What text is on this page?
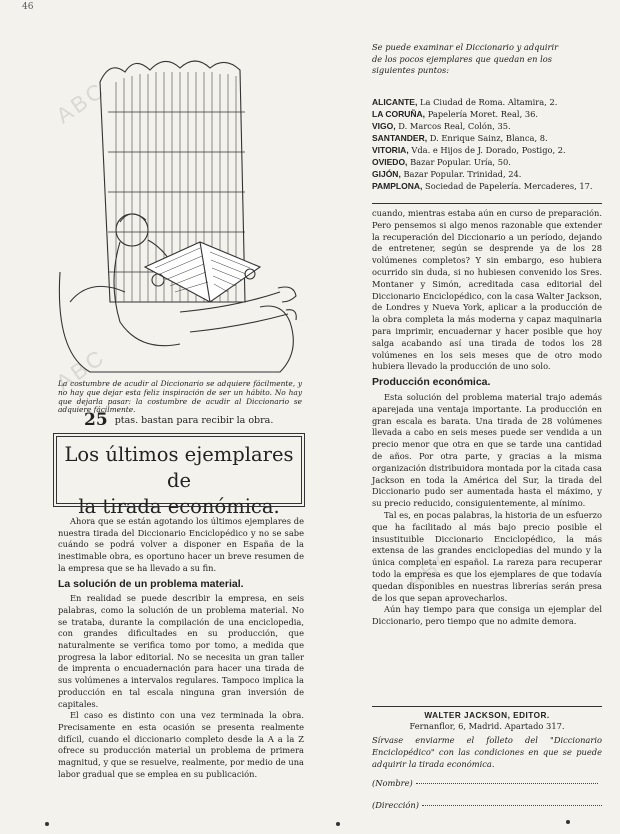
46
ABC
ABC
ABC
La costumbre de acudir al Diccionario se adquiere fácilmente, y no hay que dejar esta feliz inspiración de ser un hábito. No hay que dejarla pasar: la costumbre de acudir al Diccionario se adquiere fácilmente.
25 ptas. bastan para recibir la obra.
Los últimos ejemplares de
la tirada económica.

Ahora que se están agotando los últimos ejemplares de nuestra tirada del Diccionario Enciclopédico y no se sabe cuándo se podrá volver a disponer en España de la inestimable obra, es oportuno hacer un breve resumen de la empresa que se ha llevado a su fin.

La solución de un problema material.

En realidad se puede describir la empresa, en seis palabras, como la solución de un problema material. No se trataba, durante la compilación de una enciclopedia, con grandes dificultades en su producción, que naturalmente se verifica tomo por tomo, a medida que progresa la labor editorial. No se necesita un gran taller de imprenta o encuadernación para hacer una tirada de sus volúmenes a intervalos regulares. Tampoco implica la producción en tal escala ninguna gran inversión de capitales.

El caso es distinto con una vez terminada la obra. Precisamente en esta ocasión se presenta realmente difícil, cuando el diccionario completo desde la A a la Z ofrece su producción material un problema de primera magnitud, y que se resuelve, realmente, por medio de una labor gradual que se emplea en su publicación.

Se puede examinar el Diccionario y adquirir de los pocos ejemplares que quedan en los siguientes puntos:
ALICANTE, La Ciudad de Roma. Altamira, 2.
LA CORUÑA, Papelería Moret. Real, 36.
VIGO, D. Marcos Real, Colón, 35.
SANTANDER, D. Enrique Sainz, Blanca, 8.
VITORIA, Vda. e Hijos de J. Dorado, Postigo, 2.
OVIEDO, Bazar Popular. Uría, 50.
GIJÓN, Bazar Popular. Trinidad, 24.
PAMPLONA, Sociedad de Papelería. Mercaderes, 17.

cuando, mientras estaba aún en curso de preparación. Pero pensemos si algo menos razonable que extender la recuperación del Diccionario a un período, dejando de entretener, según se desprende ya de los 28 volúmenes completos? Y sin embargo, eso hubiera ocurrido sin duda, si no hubiesen convenido los Sres. Montaner y Simón, acreditada casa editorial del Diccionario Enciclopédico, con la casa Walter Jackson, de Londres y Nueva York, aplicar a la producción de la obra completa la más moderna y capaz maquinaria para imprimir, encuadernar y hacer posible que hoy salga acabando así una tirada de todos los 28 volúmenes en los seis meses que de otro modo hubiera llevado la producción de uno solo.

Producción económica.

Esta solución del problema material trajo además aparejada una ventaja importante. La producción en gran escala es barata. Una tirada de 28 volúmenes llevada a cabo en seis meses puede ser vendida a un precio menor que otra en que se tarde una cantidad de años. Por otra parte, y gracias a la misma organización distribuidora montada por la citada casa Jackson en toda la América del Sur, la tirada del Diccionario pudo ser aumentada hasta el máximo, y su precio reducido, consiguientemente, al mínimo.

Tal es, en pocas palabras, la historia de un esfuerzo que ha facilitado al más bajo precio posible el insustituible Diccionario Enciclopédico, la más extensa de las grandes enciclopedias del mundo y la única completa en español. La rareza para recuperar todo la empresa es que los ejemplares de que todavía quedan disponibles en nuestras librerías serán presa de los que sepan aprovecharlos.

Aún hay tiempo para que consiga un ejemplar del Diccionario, pero tiempo que no admite demora.

WALTER JACKSON, EDITOR.
Fernanflor, 6, Madrid. Apartado 317.
Sírvase enviarme el folleto del "Diccionario Enciclopédico" con las condiciones en que se puede adquirir la tirada económica.
(Nombre)
(Dirección)
